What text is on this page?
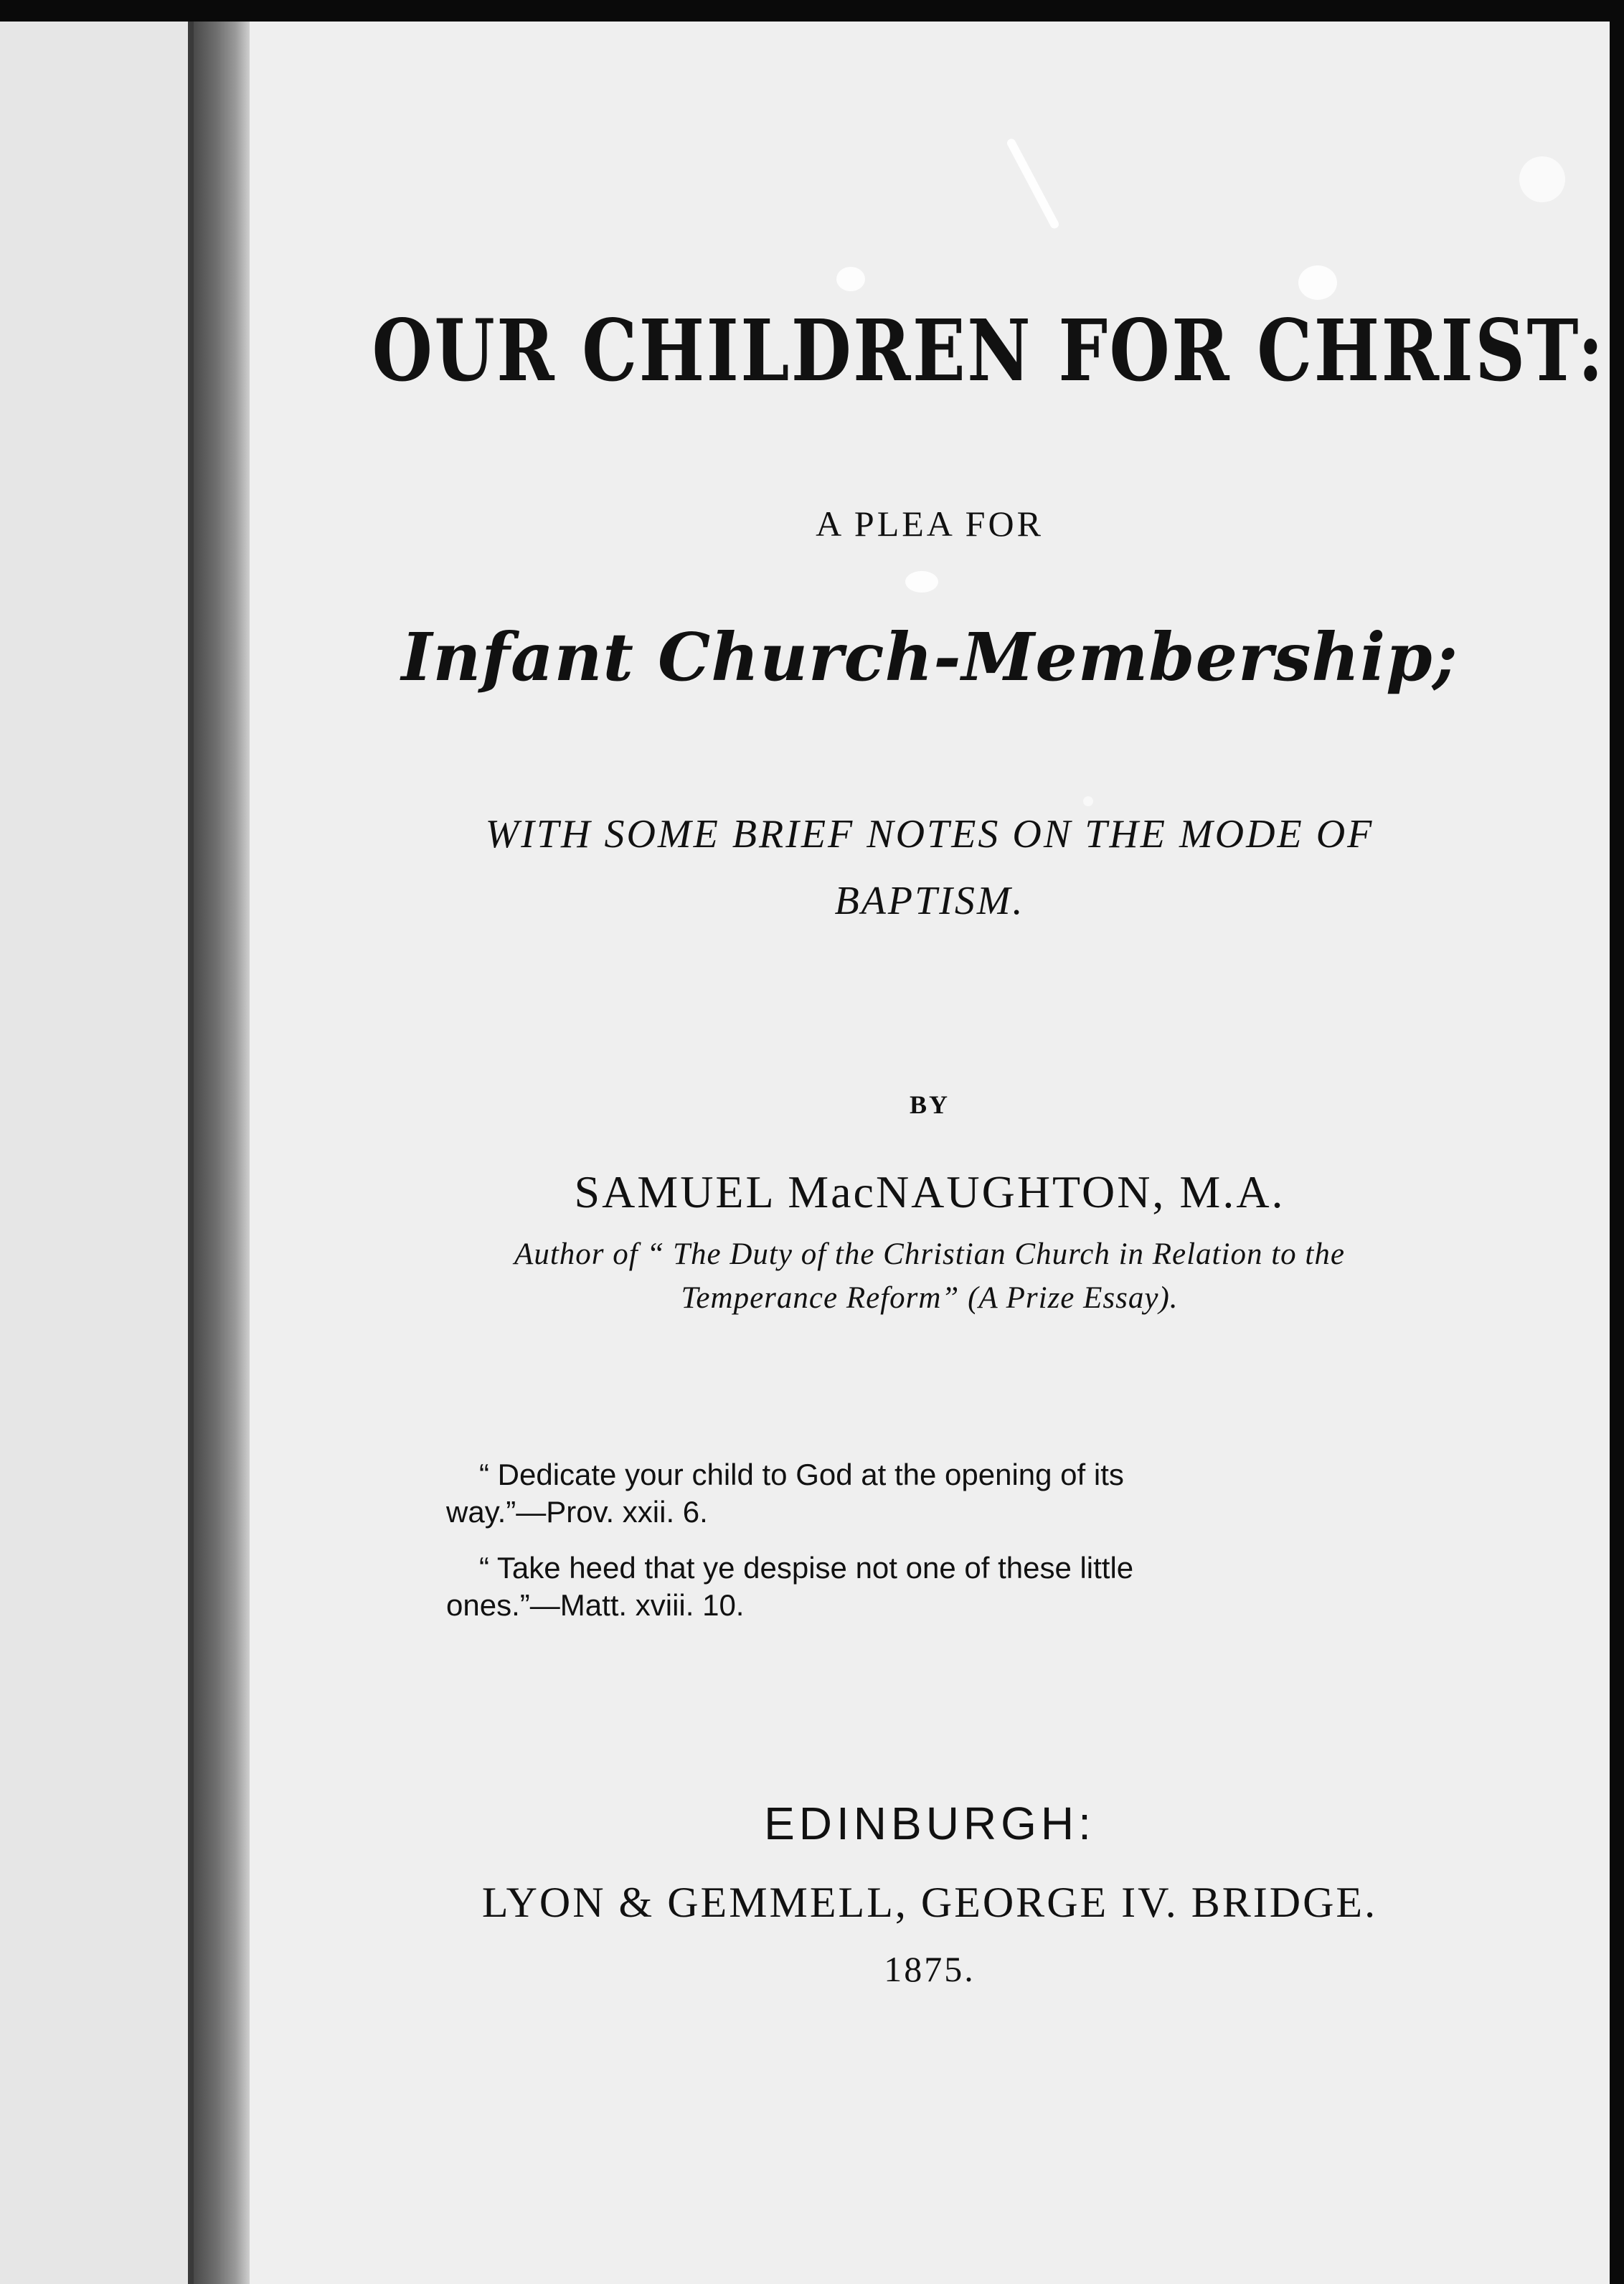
OUR CHILDREN FOR CHRIST:
A PLEA FOR
Infant Church-Membership;
WITH SOME BRIEF NOTES ON THE MODE OF
BAPTISM.
BY
SAMUEL MacNAUGHTON, M.A.
Author of “ The Duty of the Christian Church in Relation to the
Temperance Reform” (A Prize Essay).
“ Dedicate your child to God at the opening of its
way.”—Prov. xxii. 6.
“ Take heed that ye despise not one of these little
ones.”—Matt. xviii. 10.
EDINBURGH:
LYON & GEMMELL, GEORGE IV. BRIDGE.
1875.
